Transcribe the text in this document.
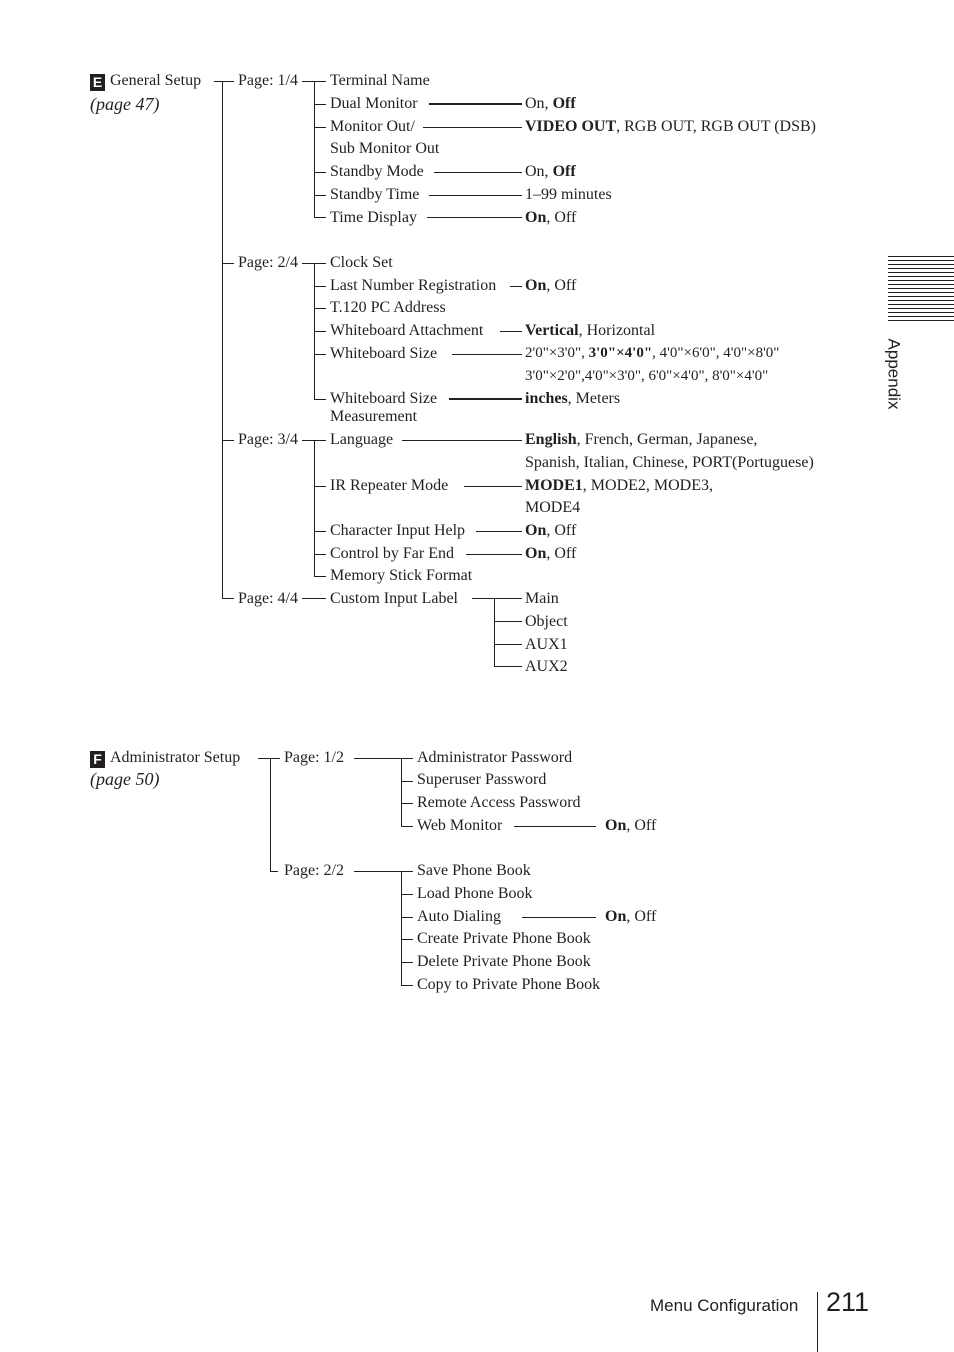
E General Setup
(page 47)
Page: 1/4
Page: 2/4
Page: 3/4
Page: 4/4
Terminal Name
Dual Monitor
Monitor Out/
Sub Monitor Out
Standby Mode
Standby Time
Time Display
Clock Set
Last Number Registration
T.120 PC Address
Whiteboard Attachment
Whiteboard Size
Whiteboard Size
Measurement
Language
IR Repeater Mode
Character Input Help
Control by Far End
Memory Stick Format
Custom Input Label
On, Off
VIDEO OUT, RGB OUT, RGB OUT (DSB)
On, Off
1–99 minutes
On, Off
On, Off
Vertical, Horizontal
2'0"×3'0", 3'0"×4'0", 4'0"×6'0", 4'0"×8'0"
3'0"×2'0",4'0"×3'0", 6'0"×4'0", 8'0"×4'0"
inches, Meters
English, French, German, Japanese,
Spanish, Italian, Chinese, PORT(Portuguese)
MODE1, MODE2, MODE3,
MODE4
On, Off
On, Off
Main
Object
AUX1
AUX2
F Administrator Setup
(page 50)
Page: 1/2
Page: 2/2
Administrator Password
Superuser Password
Remote Access Password
Web Monitor
Save Phone Book
Load Phone Book
Auto Dialing
Create Private Phone Book
Delete Private Phone Book
Copy to Private Phone Book
On, Off
On, Off
Appendix
Menu Configuration 211
